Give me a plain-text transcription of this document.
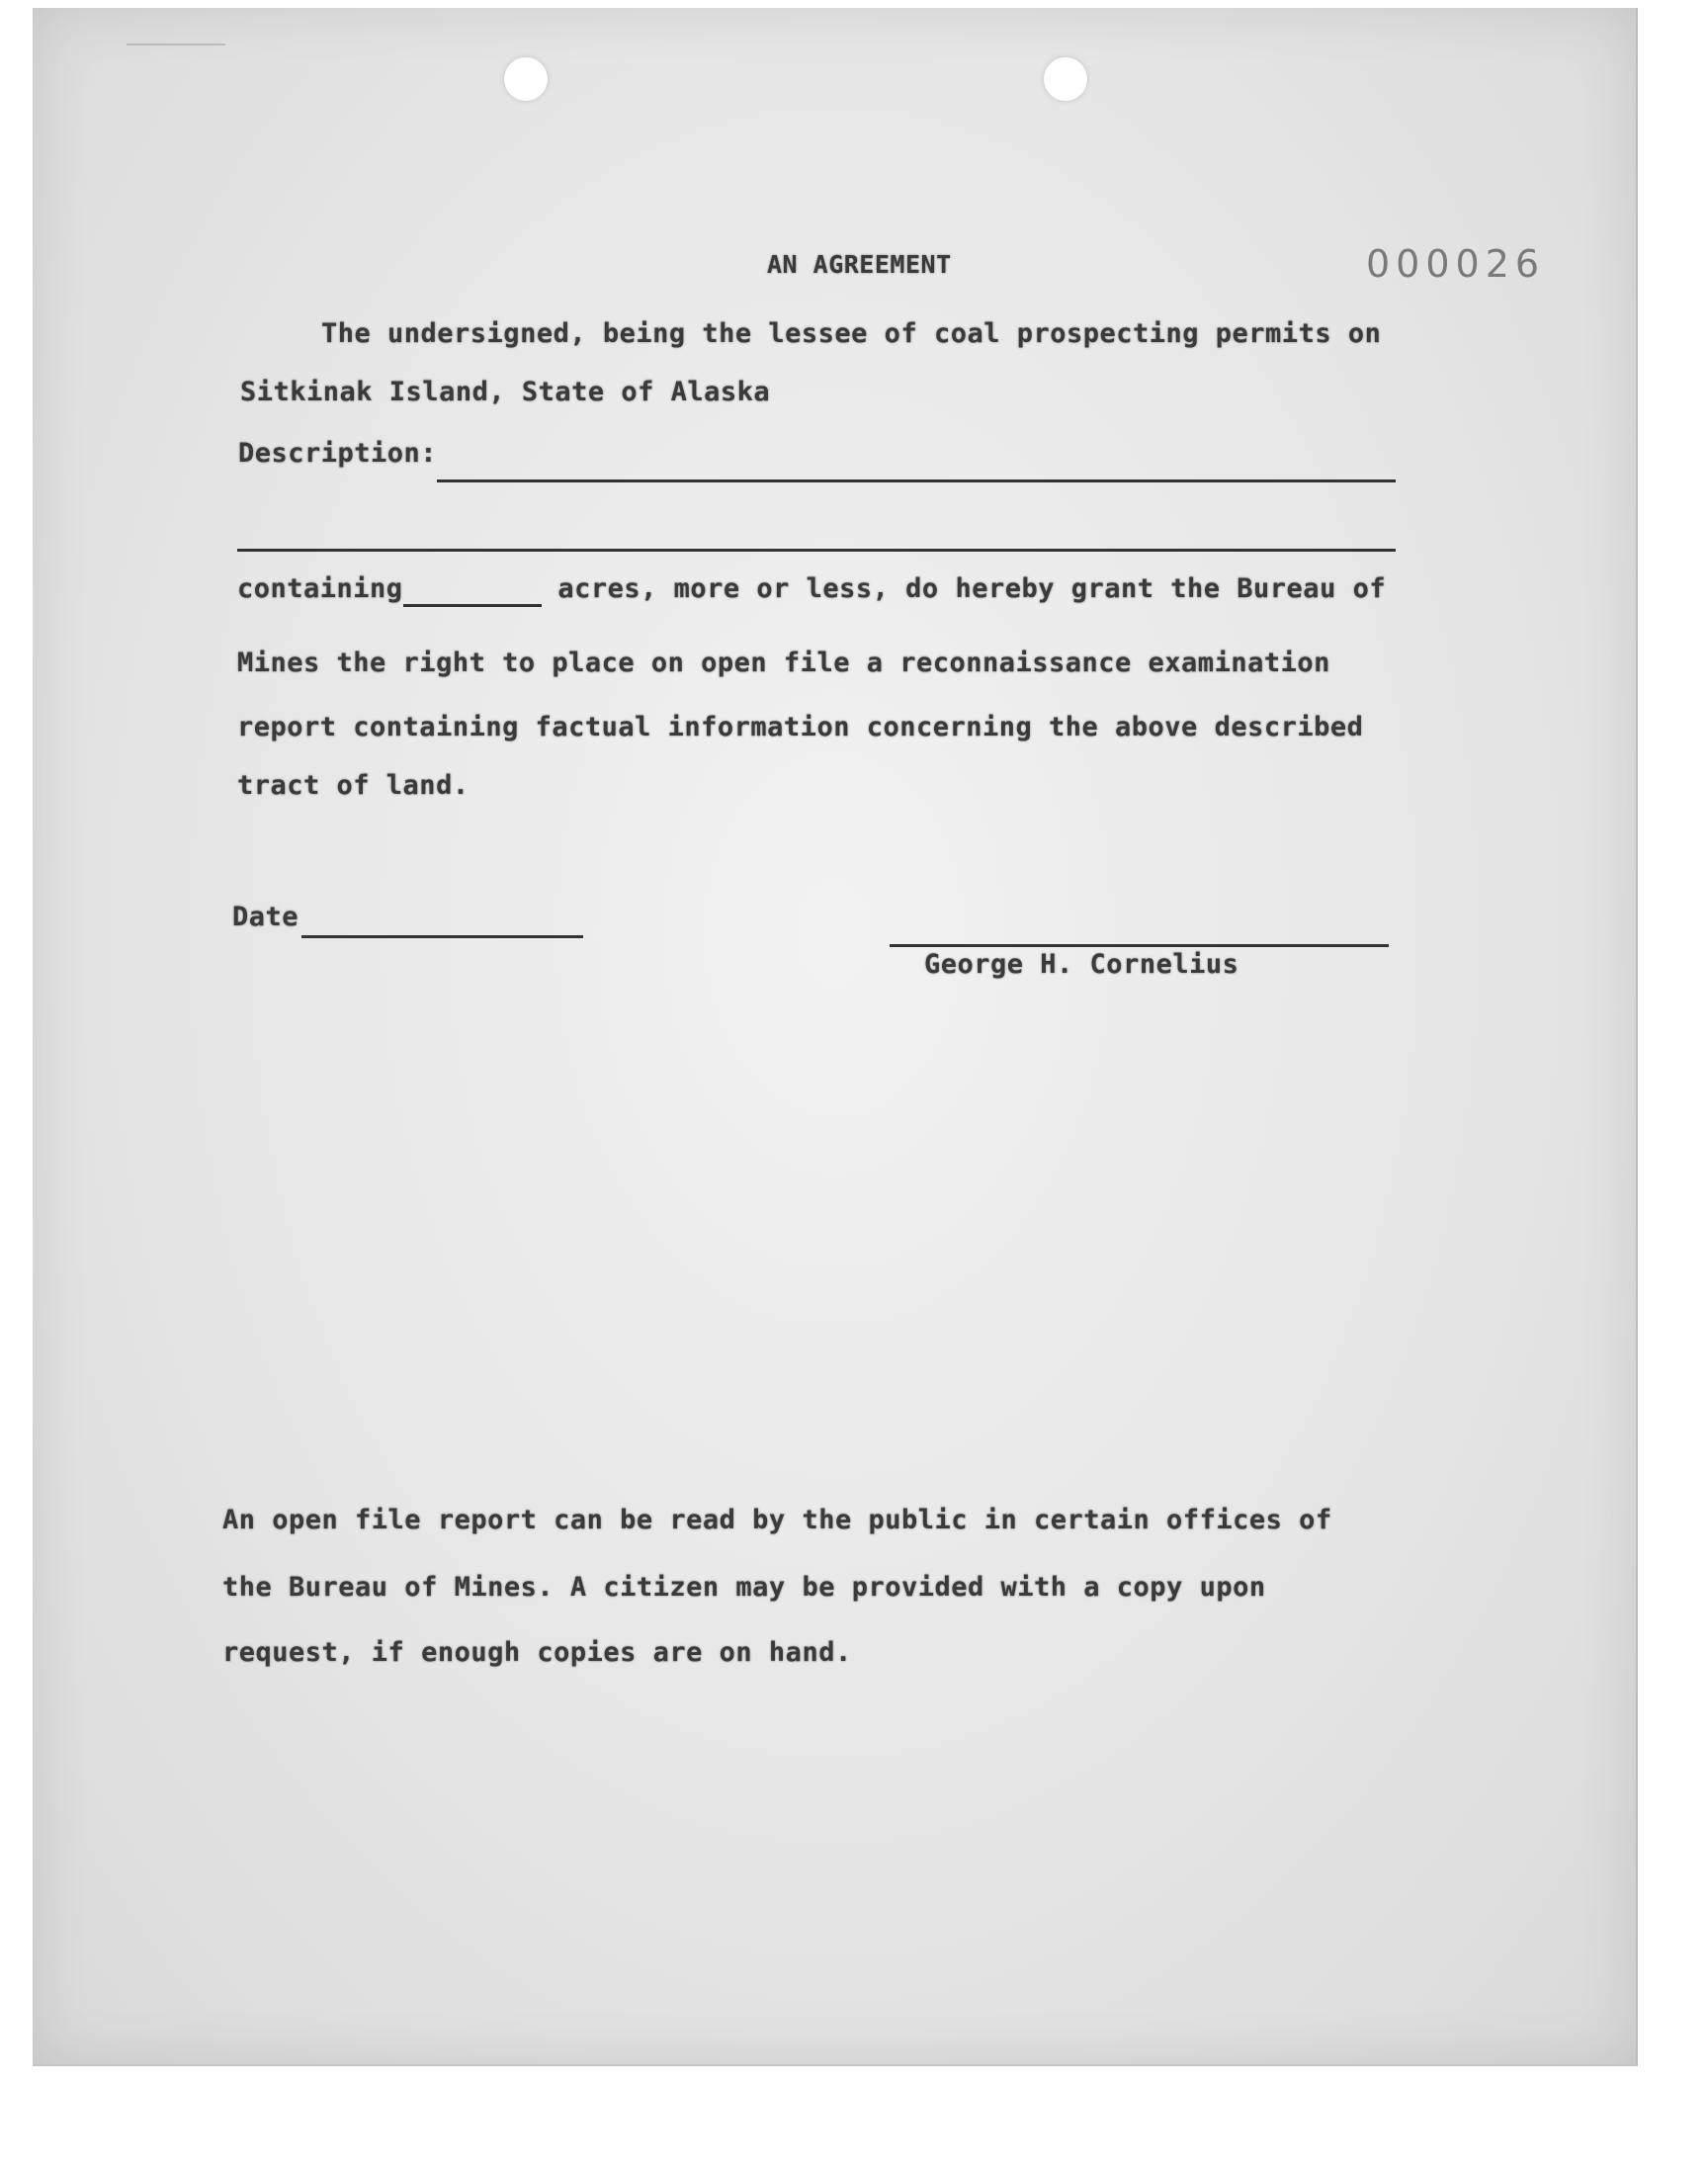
AN AGREEMENT	000026
The undersigned, being the lessee of coal prospecting permits on
Sitkinak Island, State of Alaska
Description:
containing	acres, more or less, do hereby grant the Bureau of
Mines the right to place on open file a reconnaissance examination
report containing factual information concerning the above described
tract of land.
Date
George H. Cornelius
An open file report can be read by the public in certain offices of
the Bureau of Mines. A citizen may be provided with a copy upon
request, if enough copies are on hand.
